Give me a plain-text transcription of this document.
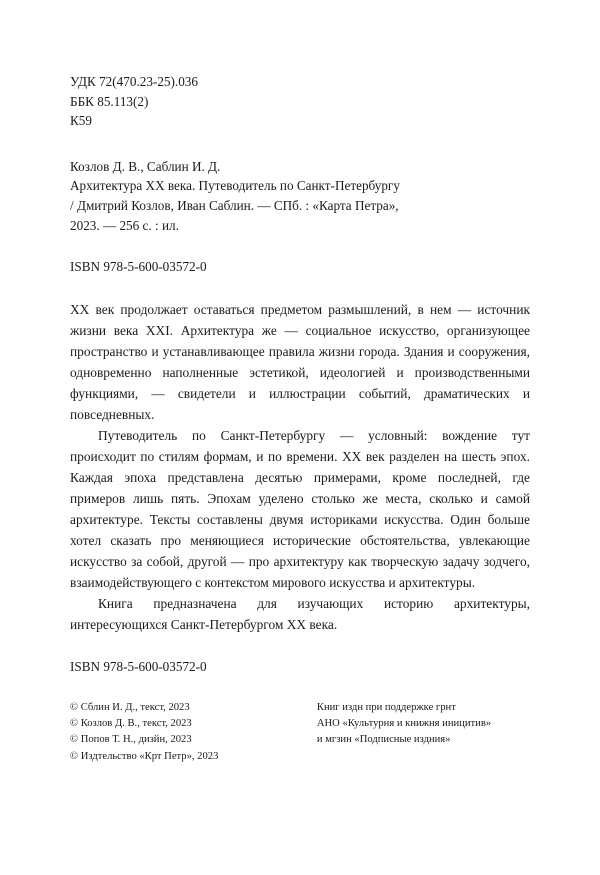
УДК 72(470.23-25).036
ББК 85.113(2)
К59
Козлов Д. В., Саблин И. Д.
Архитектура XX века. Путеводитель по Санкт-Петербургу
/ Дмитрий Козлов, Иван Саблин. — СПб. : «Карта Петра»,
2023. — 256 с. : ил.
ISBN 978-5-600-03572-0

XX век продолжает оставаться предметом размышлений, в нем — источник жизни века XXI. Архитектура же — социальное искусство, организующее пространство и устанавливающее правила жизни города. Здания и сооружения, одновременно наполненные эстетикой, идеологией и производственными функциями, — свидетели и иллюстрации событий, драматических и повседневных.

Путеводитель по Санкт-Петербургу — условный: вождение тут происходит по стилям формам, и по времени. XX век разделен на шесть эпох. Каждая эпоха представлена десятью примерами, кроме последней, где примеров лишь пять. Эпохам уделено столько же места, сколько и самой архитектуре. Тексты составлены двумя историками искусства. Один больше хотел сказать про меняющиеся исторические обстоятельства, увлекающие искусство за собой, другой — про архитектуру как творческую задачу зодчего, взаимодействующего с контекстом мирового искусства и архитектуры.

Книга предназначена для изучающих историю архитектуры, интересующихся Санкт-Петербургом XX века.

ISBN 978-5-600-03572-0
© С​блин И. Д., текст, 2023
© Козлов Д. В., текст, 2023
© Попов Т. Н., диз​йн, 2023
© Изд​тельство «К​рт​ Петр​», 2023
Книг​ изд​н​ при поддержке гр​нт​
АНО «Культурн​я и книжн​я иници​тив​»
и м​г​зин​ «Подписные изд​ния»
